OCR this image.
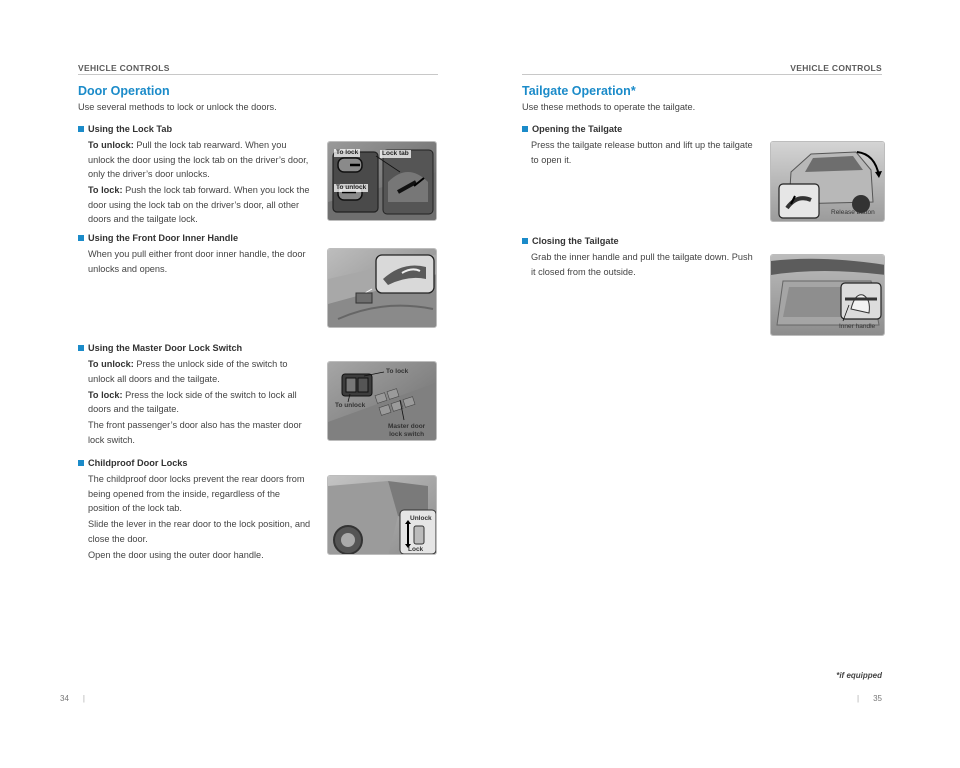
VEHICLE CONTROLS
Door Operation
Use several methods to lock or unlock the doors.
Using the Lock Tab

To unlock: Pull the lock tab rearward. When you unlock the door using the lock tab on the driver’s door, only the driver’s door unlocks.

To lock: Push the lock tab forward. When you lock the door using the lock tab on the driver’s door, all other doors and the tailgate lock.

To lock	Lock tab
To unlock
Using the Front Door Inner Handle

When you pull either front door inner handle, the door unlocks and opens.

Using the Master Door Lock Switch

To unlock: Press the unlock side of the switch to unlock all doors and the tailgate.

To lock: Press the lock side of the switch to lock all doors and the tailgate.

The front passenger’s door also has the master door lock switch.

To lock
To unlock
Master door
lock switch
Childproof Door Locks

The childproof door locks prevent the rear doors from being opened from the inside, regardless of the position of the lock tab.

Slide the lever in the rear door to the lock position, and close the door.

Open the door using the outer door handle.

Unlock
Lock
34 |
VEHICLE CONTROLS
Tailgate Operation*
Use these methods to operate the tailgate.
Opening the Tailgate

Press the tailgate release button and lift up the tailgate to open it.

Release button
Closing the Tailgate

Grab the inner handle and pull the tailgate down. Push it closed from the outside.

Inner handle
*if equipped
| 35
